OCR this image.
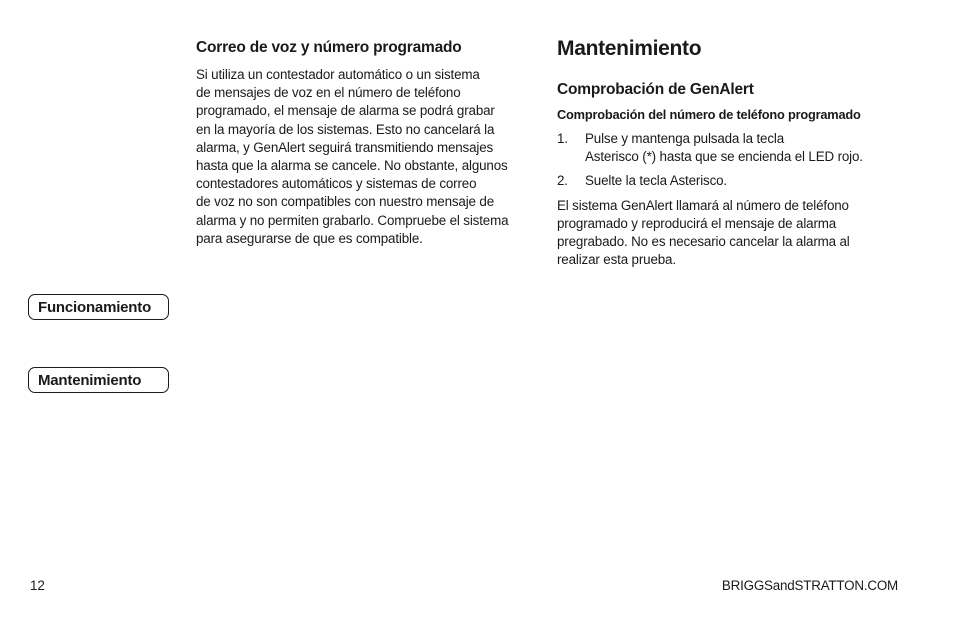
Funcionamiento
Mantenimiento
Correo de voz y número programado

Si utiliza un contestador automático o un sistema
de mensajes de voz en el número de teléfono
programado, el mensaje de alarma se podrá grabar
en la mayoría de los sistemas. Esto no cancelará la
alarma, y GenAlert seguirá transmitiendo mensajes
hasta que la alarma se cancele. No obstante, algunos
contestadores automáticos y sistemas de correo
de voz no son compatibles con nuestro mensaje de
alarma y no permiten grabarlo. Compruebe el sistema
para asegurarse de que es compatible.

Mantenimiento
Comprobación de GenAlert
Comprobación del número de teléfono programado
1. Pulse y mantenga pulsada la tecla
Asterisco (*) hasta que se encienda el LED rojo.
2. Suelte la tecla Asterisco.

El sistema GenAlert llamará al número de teléfono
programado y reproducirá el mensaje de alarma
pregrabado. No es necesario cancelar la alarma al
realizar esta prueba.

12	BRIGGSandSTRATTON.COM
